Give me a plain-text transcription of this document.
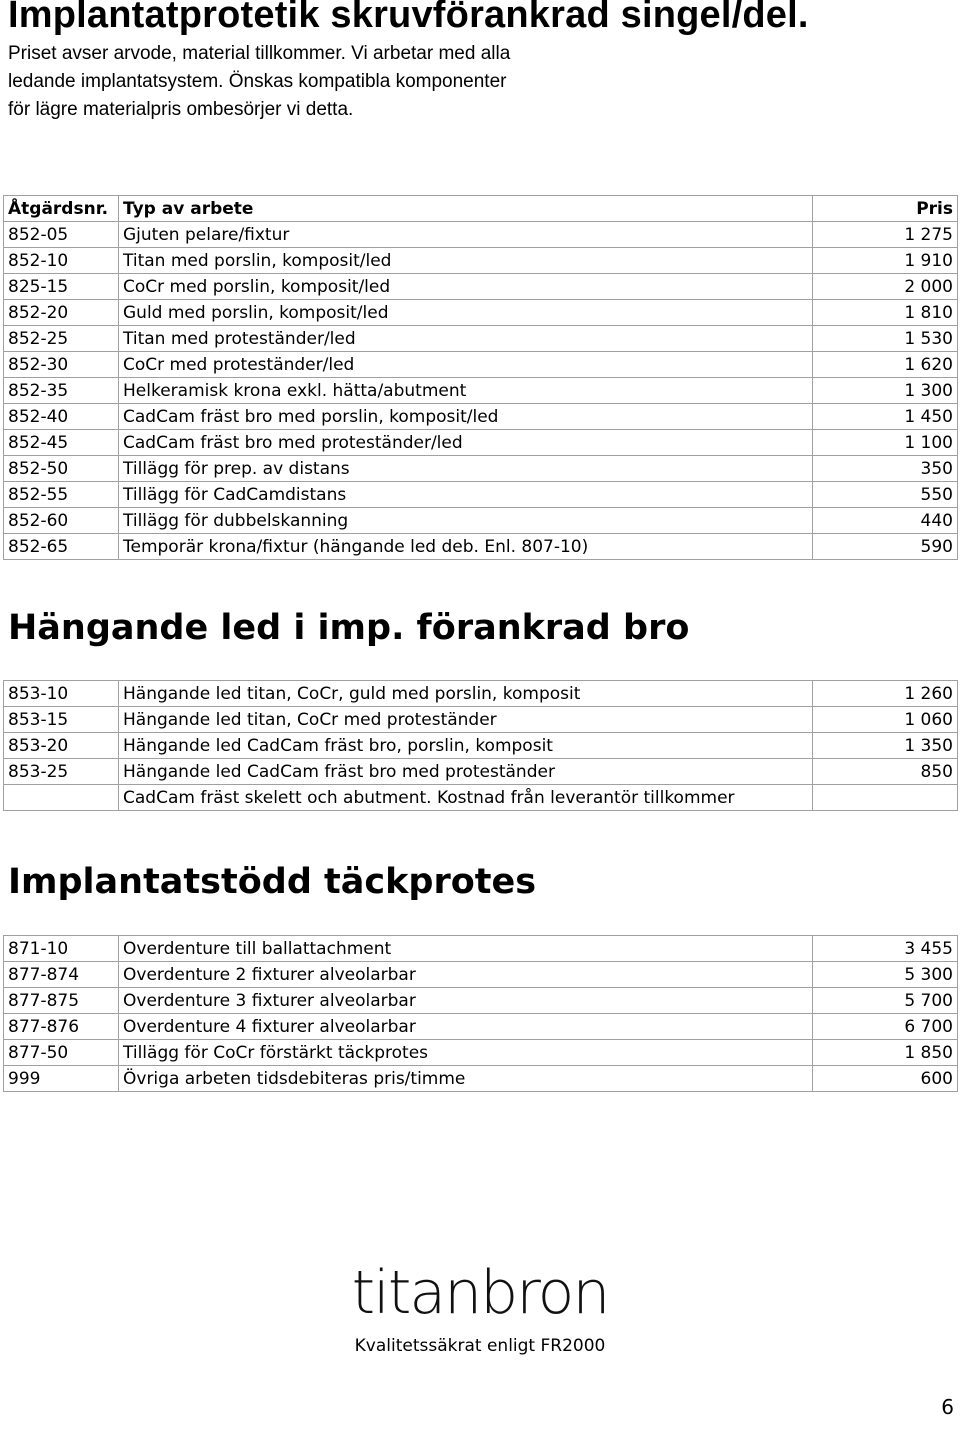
Implantatprotetik skruvförankrad singel/del.

Priset avser arvode, material tillkommer. Vi arbetar med alla
ledande implantatsystem. Önskas kompatibla komponenter
för lägre materialpris ombesörjer vi detta.

Åtgärdsnr.	Typ av arbete	Pris
852-05	Gjuten pelare/fixtur	1 275
852-10	Titan med porslin, komposit/led	1 910
825-15	CoCr med porslin, komposit/led	2 000
852-20	Guld med porslin, komposit/led	1 810
852-25	Titan med proteständer/led	1 530
852-30	CoCr med proteständer/led	1 620
852-35	Helkeramisk krona exkl. hätta/abutment	1 300
852-40	CadCam fräst bro med porslin, komposit/led	1 450
852-45	CadCam fräst bro med proteständer/led	1 100
852-50	Tillägg för prep. av distans	350
852-55	Tillägg för CadCamdistans	550
852-60	Tillägg för dubbelskanning	440
852-65	Temporär krona/fixtur (hängande led deb. Enl. 807-10)	590
Hängande led i imp. förankrad bro
853-10	Hängande led titan, CoCr, guld med porslin, komposit	1 260
853-15	Hängande led titan, CoCr med proteständer	1 060
853-20	Hängande led CadCam fräst bro, porslin, komposit	1 350
853-25	Hängande led CadCam fräst bro med proteständer	850
	CadCam fräst skelett och abutment. Kostnad från leverantör tillkommer	
Implantatstödd täckprotes
871-10	Overdenture till ballattachment	3 455
877-874	Overdenture 2 fixturer alveolarbar	5 300
877-875	Overdenture 3 fixturer alveolarbar	5 700
877-876	Overdenture 4 fixturer alveolarbar	6 700
877-50	Tillägg för CoCr förstärkt täckprotes	1 850
999	Övriga arbeten tidsdebiteras pris/timme	600
titanbron
Kvalitetssäkrat enligt FR2000
6
